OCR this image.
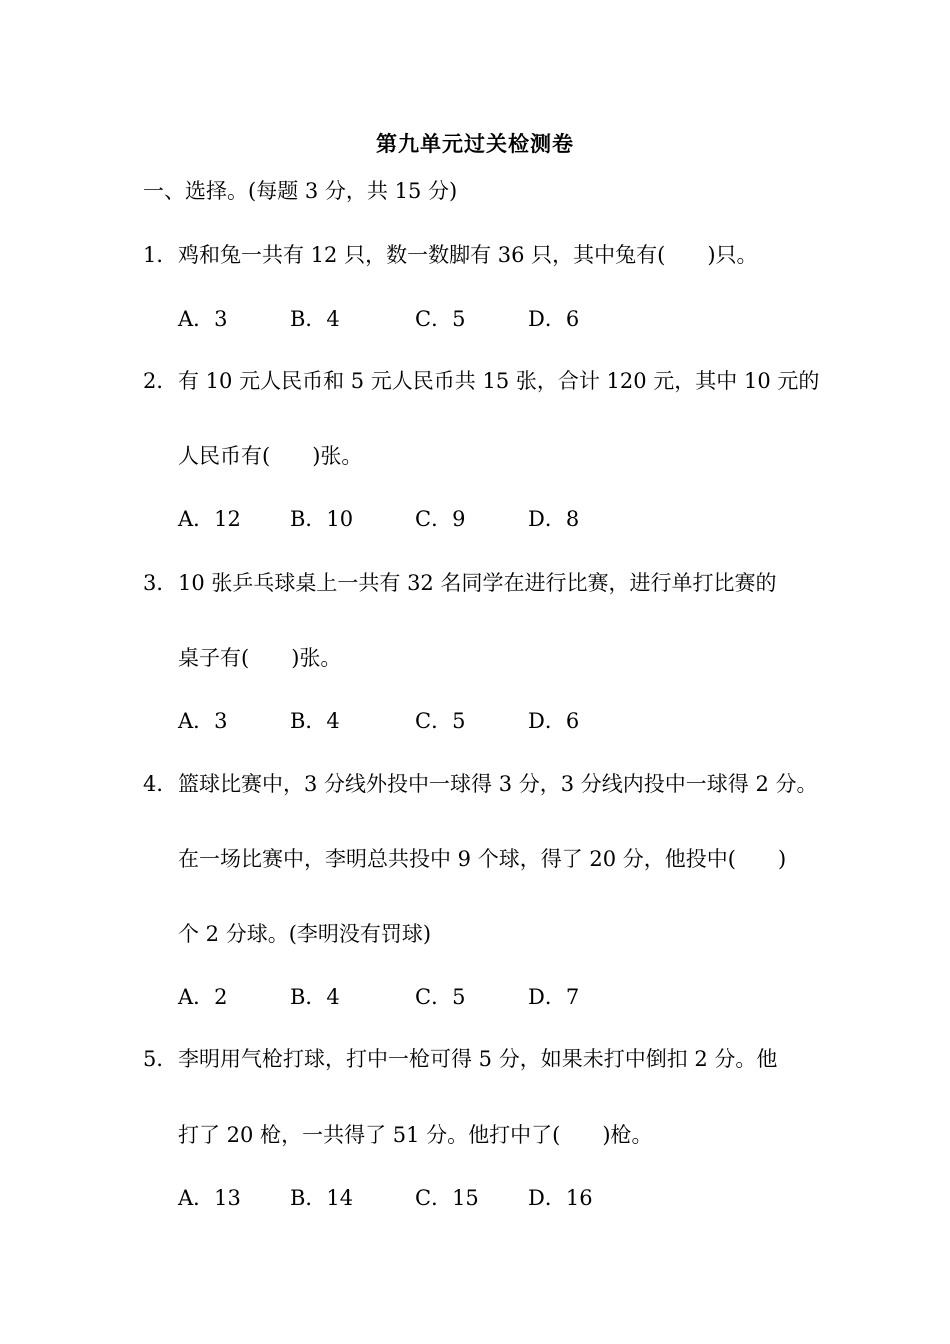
第九单元过关检测卷
一、选择。(每题 3 分，共 15 分)
1． 鸡和兔一共有 12 只，数一数脚有 36 只，其中兔有(　　)只。
A．3	B．4	C．5	D．6
2． 有 10 元人民币和 5 元人民币共 15 张，合计 120 元，其中 10 元的
人民币有(　　)张。
A．12 B．10	C．9	D．8
3． 10 张乒乓球桌上一共有 32 名同学在进行比赛，进行单打比赛的
桌子有(　　)张。
A．3	B．4	C．5	D．6
4． 篮球比赛中，3 分线外投中一球得 3 分，3 分线内投中一球得 2 分。
在一场比赛中，李明总共投中 9 个球，得了 20 分，他投中(　　)
个 2 分球。(李明没有罚球)
A．2	B．4	C．5	D．7
5． 李明用气枪打球，打中一枪可得 5 分，如果未打中倒扣 2 分。他
打了 20 枪，一共得了 51 分。他打中了(　　)枪。
A．13 B．14	C．15 D．16
